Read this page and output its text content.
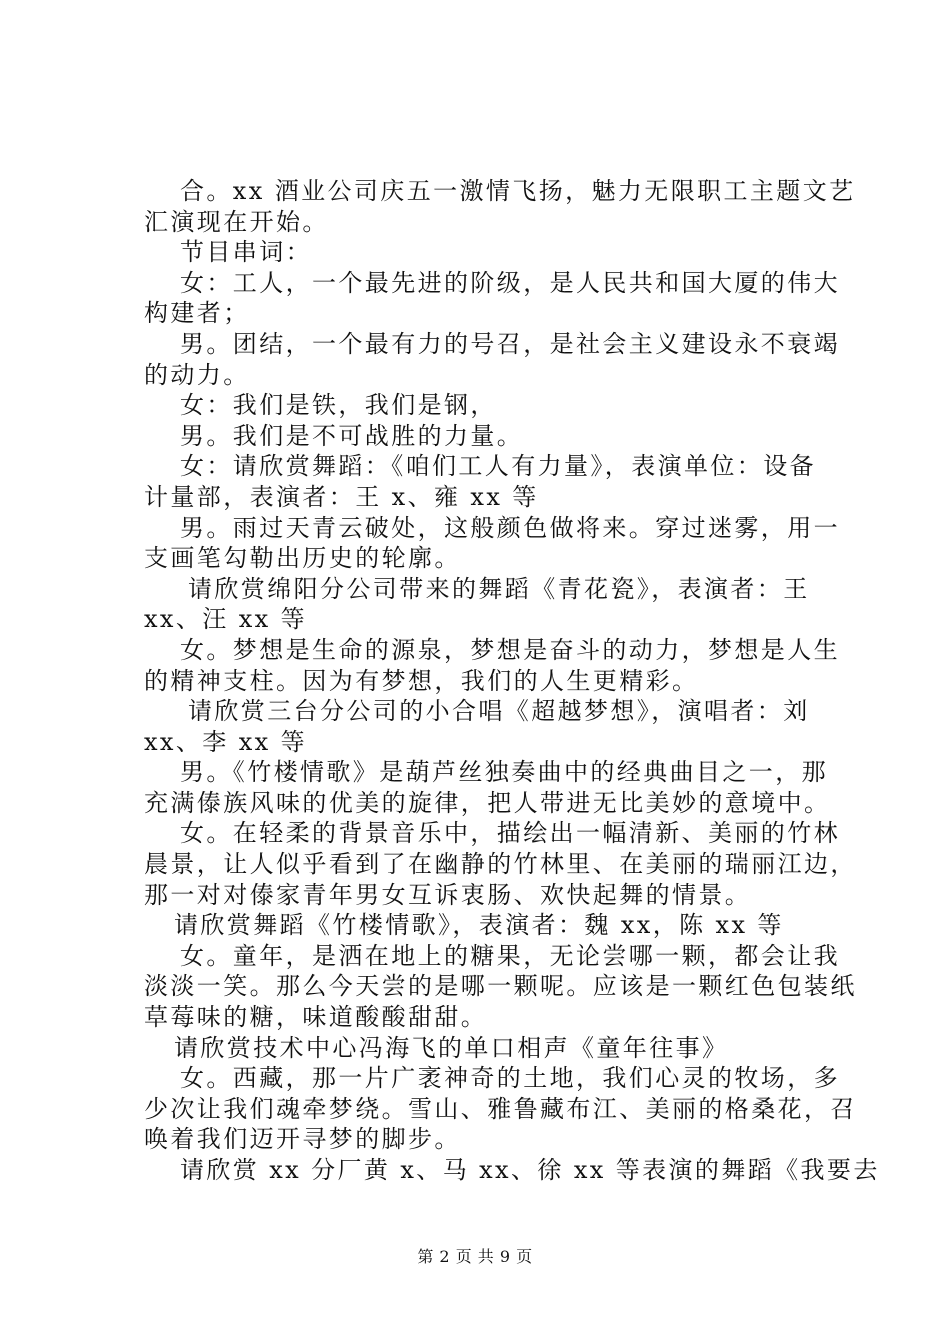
合。xx 酒业公司庆五一激情飞扬，魅力无限职工主题文艺
汇演现在开始。
节目串词：
女：工人，一个最先进的阶级，是人民共和国大厦的伟大
构建者；
男。团结，一个最有力的号召，是社会主义建设永不衰竭
的动力。
女：我们是铁，我们是钢，
男。我们是不可战胜的力量。
女：请欣赏舞蹈：《咱们工人有力量》，表演单位：设备
计量部，表演者：王 x、雍 xx 等
男。雨过天青云破处，这般颜色做将来。穿过迷雾，用一
支画笔勾勒出历史的轮廓。
请欣赏绵阳分公司带来的舞蹈《青花瓷》，表演者：王
xx、汪 xx 等
女。梦想是生命的源泉，梦想是奋斗的动力，梦想是人生
的精神支柱。因为有梦想，我们的人生更精彩。
请欣赏三台分公司的小合唱《超越梦想》，演唱者：刘
xx、李 xx 等
男。《竹楼情歌》是葫芦丝独奏曲中的经典曲目之一，那
充满傣族风味的优美的旋律，把人带进无比美妙的意境中。
女。在轻柔的背景音乐中，描绘出一幅清新、美丽的竹林
晨景，让人似乎看到了在幽静的竹林里、在美丽的瑞丽江边，
那一对对傣家青年男女互诉衷肠、欢快起舞的情景。
请欣赏舞蹈《竹楼情歌》，表演者：魏 xx，陈 xx 等
女。童年，是洒在地上的糖果，无论尝哪一颗，都会让我
淡淡一笑。那么今天尝的是哪一颗呢。应该是一颗红色包装纸
草莓味的糖，味道酸酸甜甜。
请欣赏技术中心冯海飞的单口相声《童年往事》
女。西藏，那一片广袤神奇的土地，我们心灵的牧场，多
少次让我们魂牵梦绕。雪山、雅鲁藏布江、美丽的格桑花，召
唤着我们迈开寻梦的脚步。
请欣赏 xx 分厂黄 x、马 xx、徐 xx 等表演的舞蹈《我要去
第 2 页 共 9 页
